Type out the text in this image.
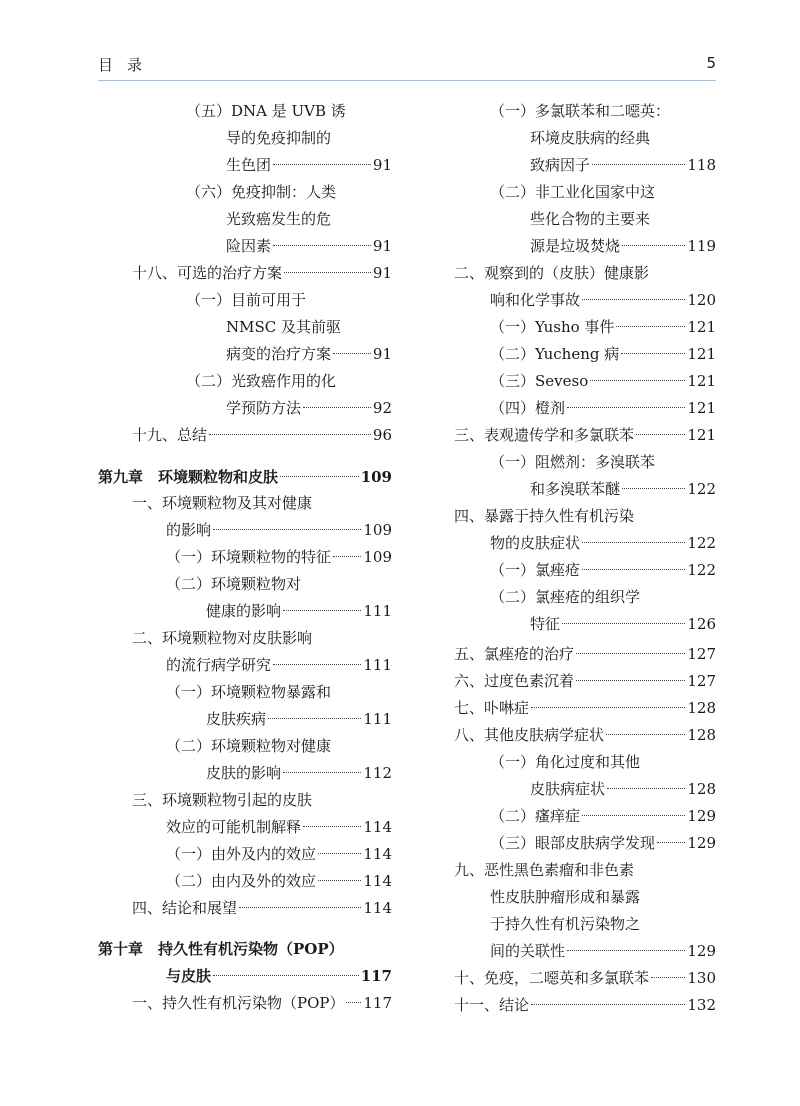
目录	5
（五）DNA 是 UVB 诱
导的免疫抑制的
生色团	91
（六）免疫抑制：人类
光致癌发生的危
险因素	91
十八、可选的治疗方案	91
（一）目前可用于
NMSC 及其前驱
病变的治疗方案	91
（二）光致癌作用的化
学预防方法	92
十九、总结	96
第九章　环境颗粒物和皮肤	109
一、环境颗粒物及其对健康
的影响	109
（一）环境颗粒物的特征 109
（二）环境颗粒物对
健康的影响	111
二、环境颗粒物对皮肤影响
的流行病学研究	111
（一）环境颗粒物暴露和
皮肤疾病	111
（二）环境颗粒物对健康
皮肤的影响	112
三、环境颗粒物引起的皮肤
效应的可能机制解释	114
（一）由外及内的效应	114
（二）由内及外的效应	114
四、结论和展望	114
第十章　持久性有机污染物（POP）
与皮肤	117
一、持久性有机污染物（POP） 117
（一）多氯联苯和二噁英：
环境皮肤病的经典
致病因子	118
（二）非工业化国家中这
些化合物的主要来
源是垃圾焚烧	119
二、观察到的（皮肤）健康影
响和化学事故	120
（一）Yusho 事件	121
（二）Yucheng 病	121
（三）Seveso	121
（四）橙剂	121
三、表观遗传学和多氯联苯	121
（一）阻燃剂：多溴联苯
和多溴联苯醚	122
四、暴露于持久性有机污染
物的皮肤症状	122
（一）氯痤疮	122
（二）氯痤疮的组织学
特征	126
五、氯痤疮的治疗	127
六、过度色素沉着	127
七、卟啉症	128
八、其他皮肤病学症状	128
（一）角化过度和其他
皮肤病症状	128
（二）瘙痒症	129
（三）眼部皮肤病学发现 129
九、恶性黑色素瘤和非色素
性皮肤肿瘤形成和暴露
于持久性有机污染物之
间的关联性	129
十、免疫，二噁英和多氯联苯	130
十一、结论	132
